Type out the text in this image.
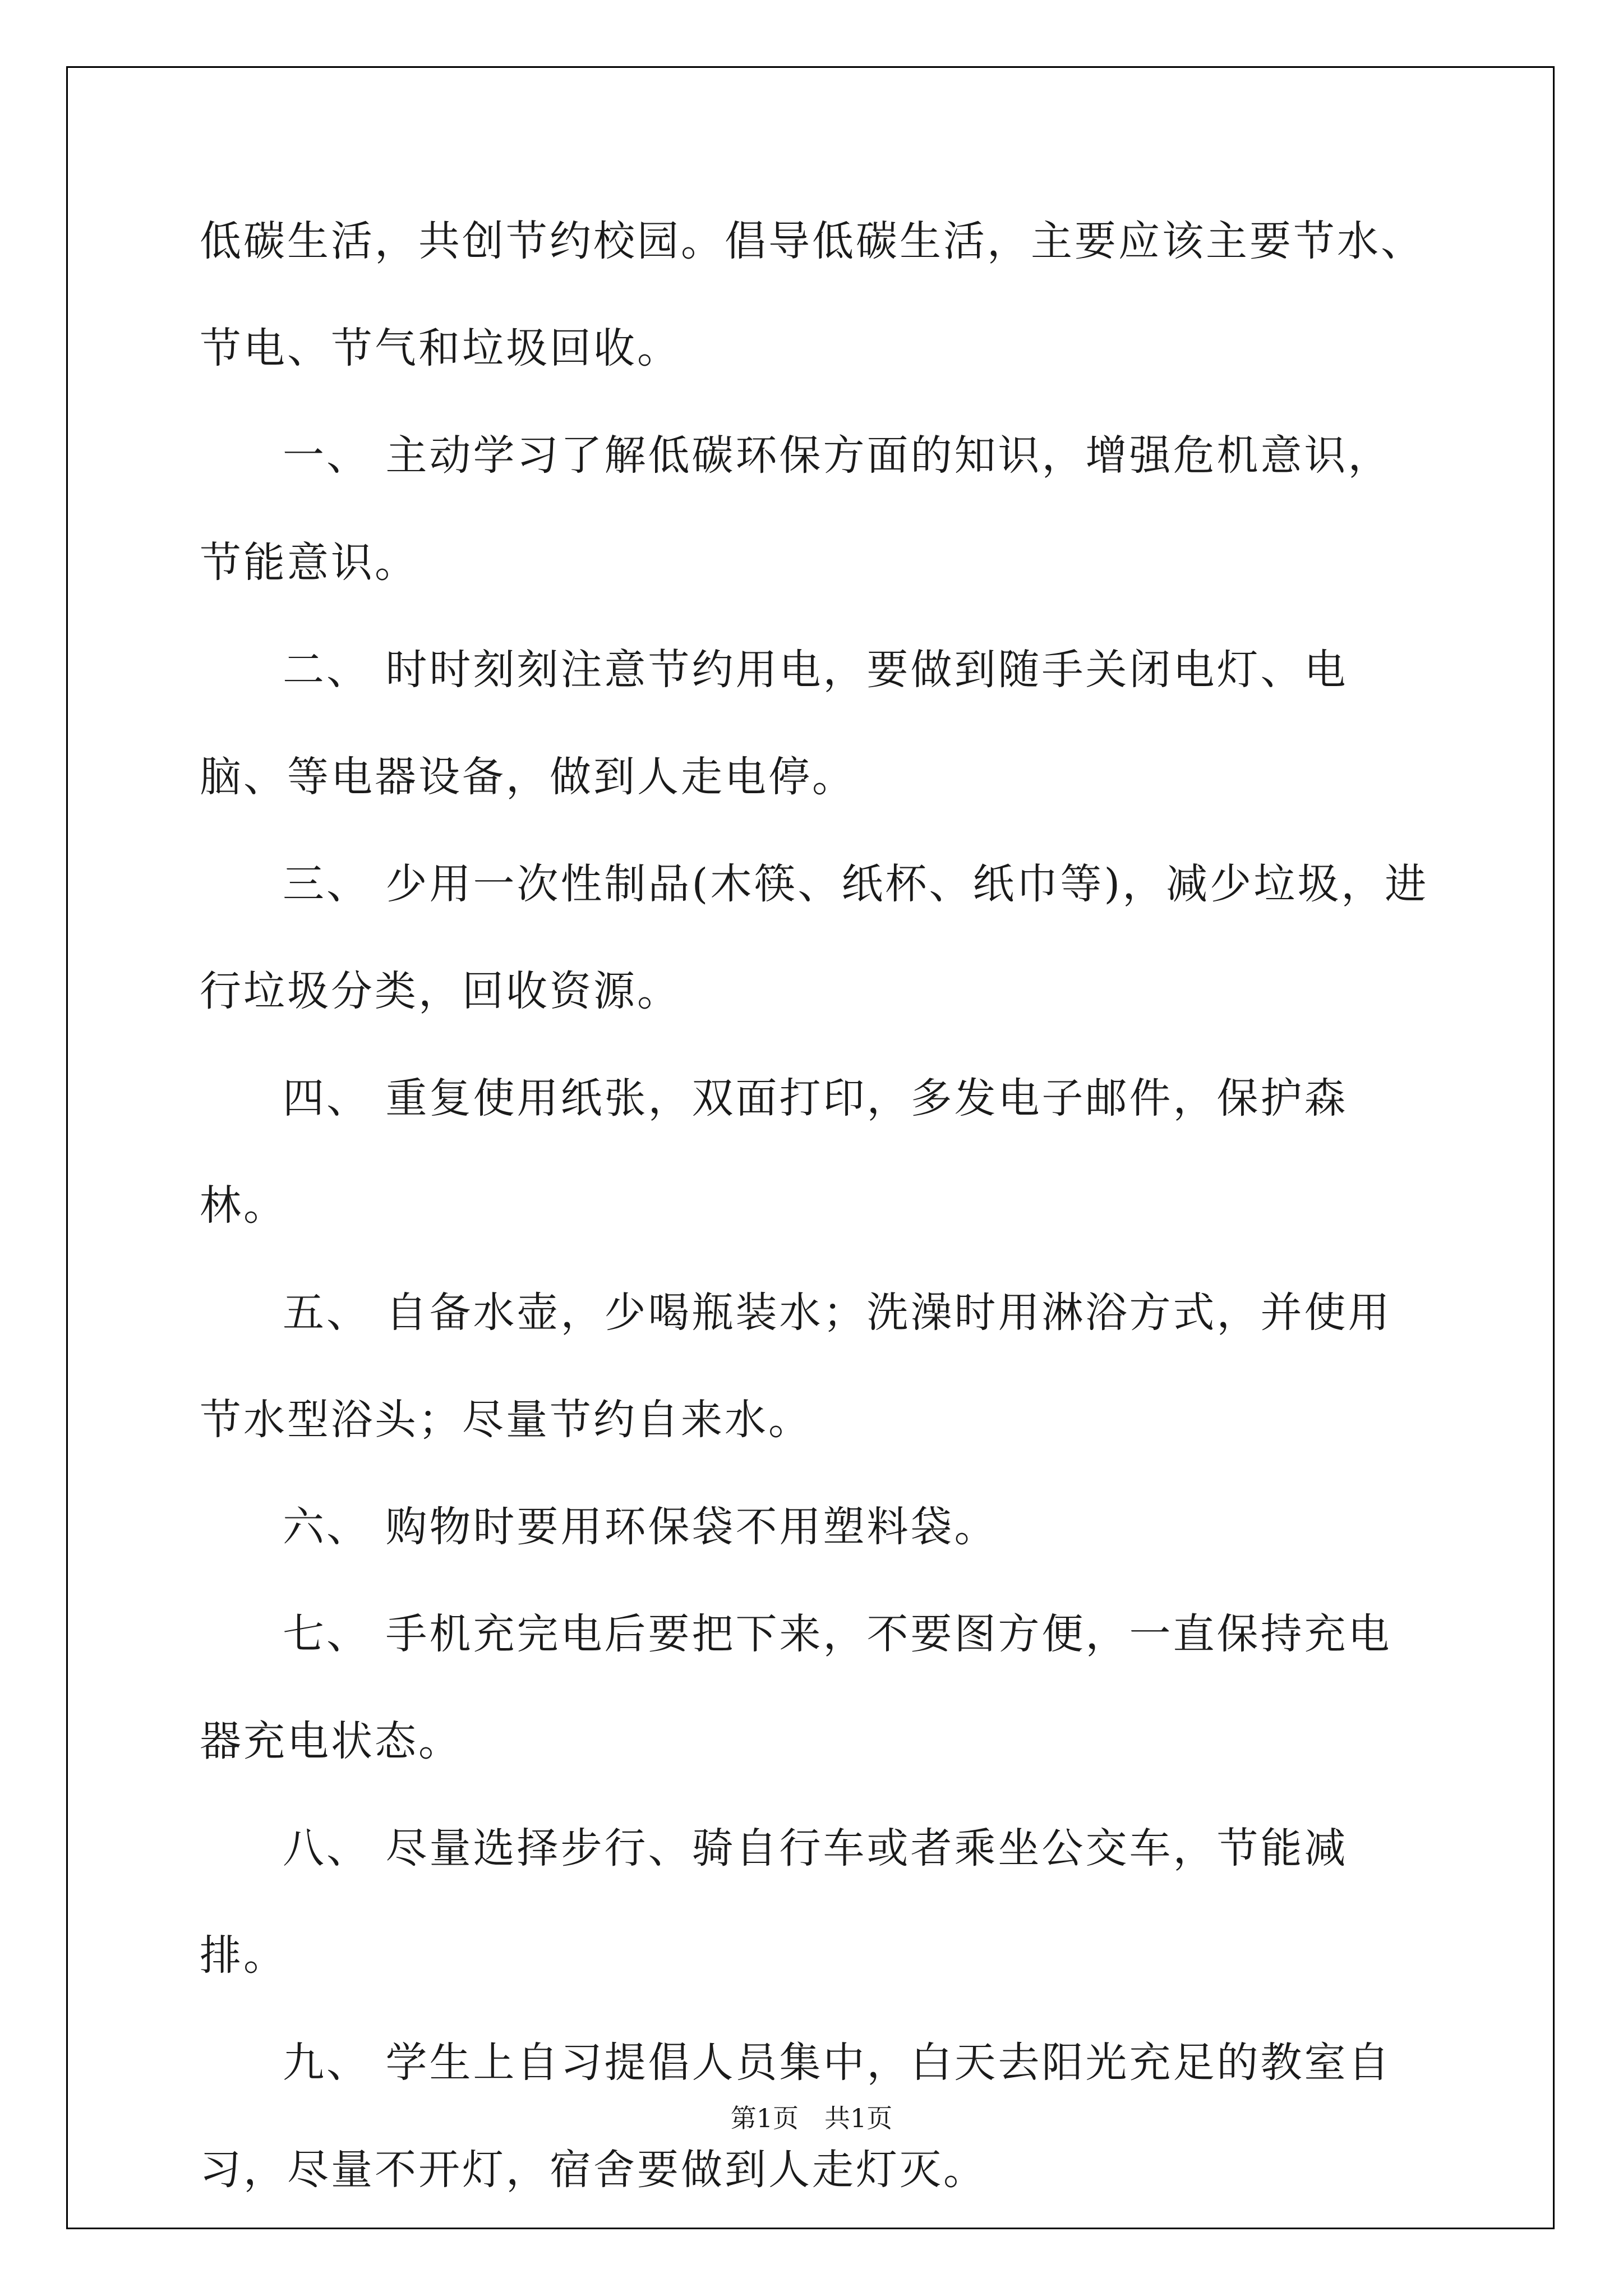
低碳生活，共创节约校园。倡导低碳生活，主要应该主要节水、节电、节气和垃圾回收。

一、 主动学习了解低碳环保方面的知识，增强危机意识，节能意识。

二、 时时刻刻注意节约用电，要做到随手关闭电灯、电脑、等电器设备，做到人走电停。

三、 少用一次性制品(木筷、纸杯、纸巾等)，减少垃圾，进行垃圾分类，回收资源。

四、 重复使用纸张，双面打印，多发电子邮件，保护森林。

五、 自备水壶，少喝瓶装水；洗澡时用淋浴方式，并使用节水型浴头；尽量节约自来水。

六、 购物时要用环保袋不用塑料袋。

七、 手机充完电后要把下来，不要图方便，一直保持充电器充电状态。

八、 尽量选择步行、骑自行车或者乘坐公交车，节能减排。

九、 学生上自习提倡人员集中，白天去阳光充足的教室自习，尽量不开灯，宿舍要做到人走灯灭。

第1页　共1页
